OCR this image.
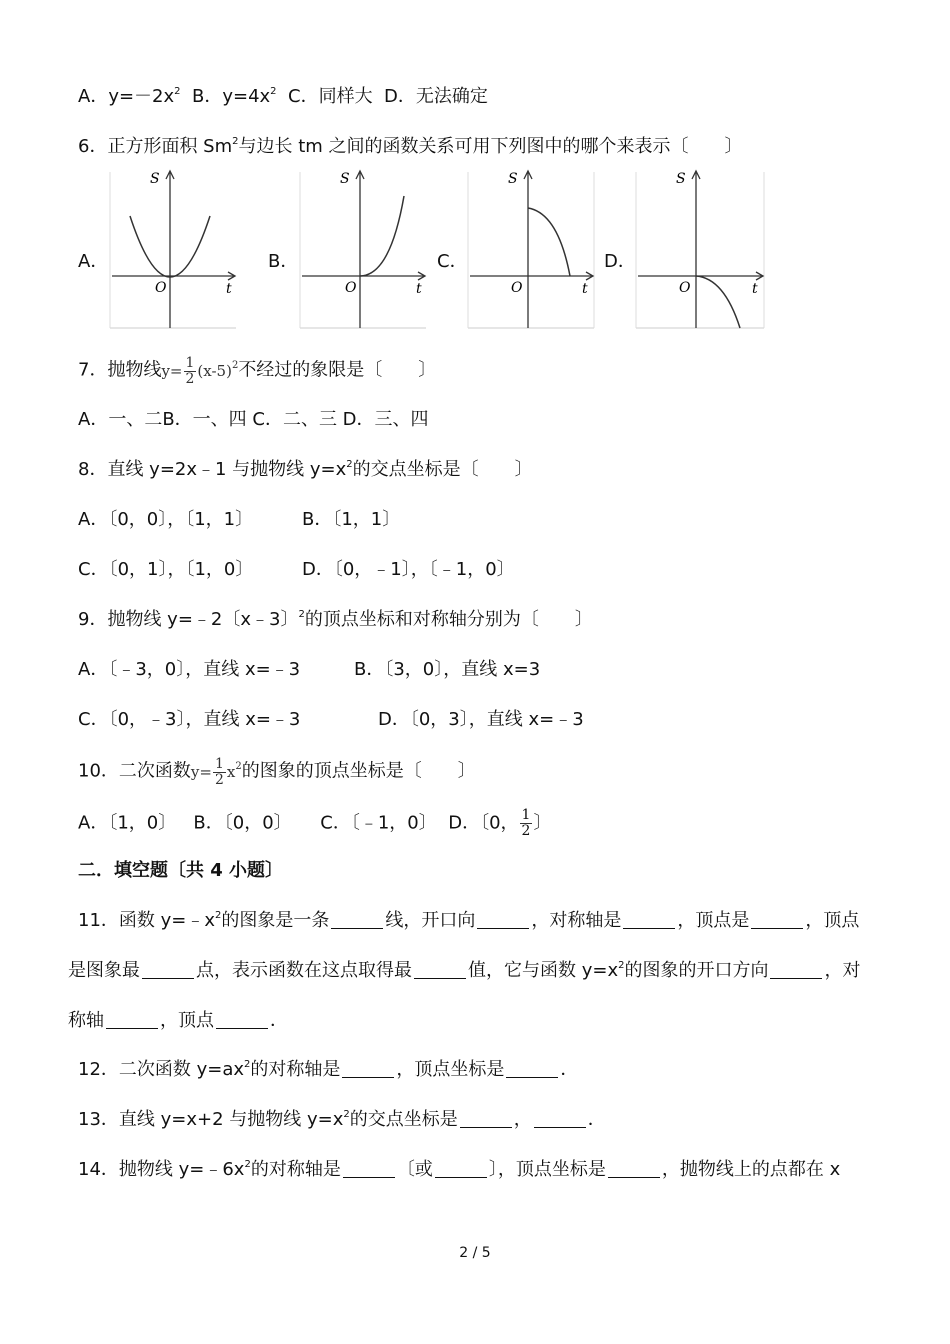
A．$y=-2x^2$ B．$y=4x^2$ C．同样大 D．无法确定
6．正方形面积 Sm$^2$与边长 tm 之间的函数关系可用下列图中的哪个来表示〔　　〕
A．	B．	C．	D．
S
t
O
S
t
O
S
t
O
S
t
O
7．抛物线$y= \frac{1}{2} (x-5)^2$不经过的象限是〔　　〕
A．一、二B．一、四 C．二、三 D．三、四
8．直线 y=2x﹣1 与抛物线 $y=x^2$的交点坐标是〔　　〕
A．〔0，0〕，〔1，1〕	B．〔1，1〕
C．〔0，1〕，〔1，0〕	D．〔0，﹣1〕，〔﹣1，0〕
9．抛物线 y=﹣2〔x﹣3〕$^2$的顶点坐标和对称轴分别为〔　　〕
A．〔﹣3，0〕，直线 x=﹣3	B．〔3，0〕，直线 x=3
C．〔0，﹣3〕，直线 x=﹣3	D．〔0，3〕，直线 x=﹣3
10．二次函数$y= \frac{1}{2} x^2$的图象的顶点坐标是〔　　〕
A．〔1，0〕 B．〔0，0〕 C．〔﹣1，0〕 D．〔0， $\frac{1}{2}$ 〕
二．填空题〔共 4 小题〕
11．函数 $y=﹣x^2$的图象是一条	线，开口向	，对称轴是	，顶点是	，顶点
是图象最	点，表示函数在这点取得最	值，它与函数 $y=x^2$的图象的开口方向	，对
称轴	，顶点	．
12．二次函数 $y=ax^2$的对称轴是	，顶点坐标是	．
13．直线 y=x+2 与抛物线 $y=x^2$的交点坐标是	，	．
14．抛物线 $y=﹣6x^2$的对称轴是	〔或	〕，顶点坐标是	，抛物线上的点都在 x
2 / 5
